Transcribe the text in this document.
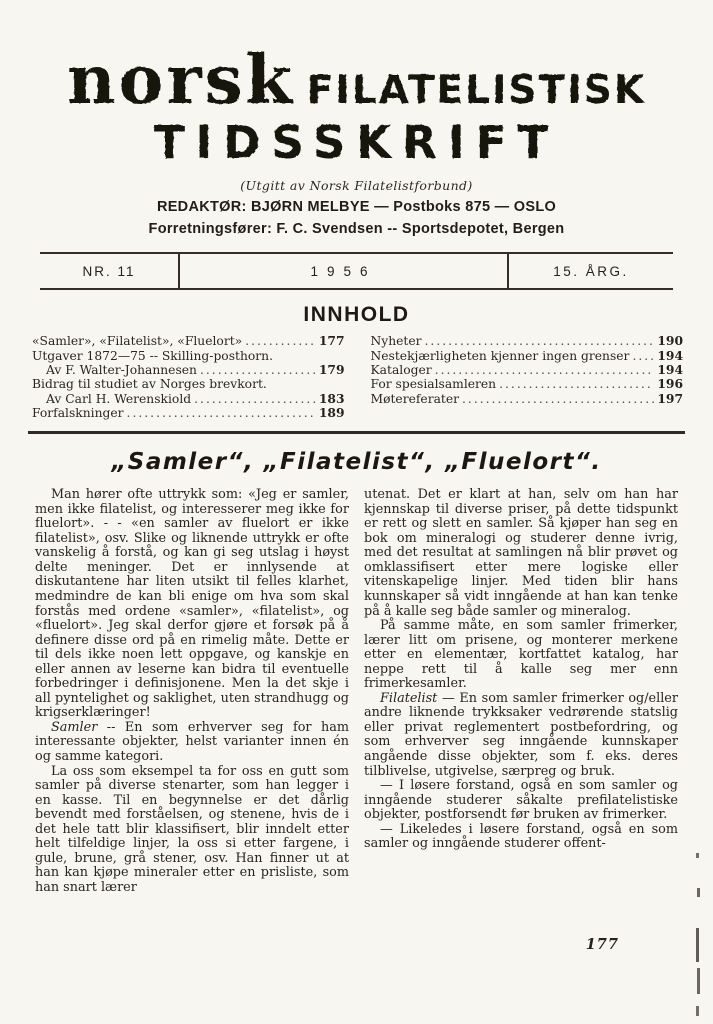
norsk FILATELISTISK
TIDSSKRIFT
(Utgitt av Norsk Filatelistforbund)
REDAKTØR: BJØRN MELBYE — Postboks 875 — OSLO
Forretningsfører: F. C. Svendsen -- Sportsdepotet, Bergen
NR. 11	1956	15. ÅRG.
INNHOLD
«Samler», «Filatelist», «Fluelort» .....	177
Utgaver 1872—75 -- Skilling-posthorn.
Av F. Walter-Johannesen .....	179
Bidrag til studiet av Norges brevkort.
Av Carl H. Werenskiold .....	183
Forfalskninger .....	189
Nyheter .....	190
Nestekjærligheten kjenner ingen grenser ..... 194
Kataloger .....	194
For spesialsamleren .....	196
Møtereferater .....	197
„Samler“, „Filatelist“, „Fluelort“.

Man hører ofte uttrykk som: «Jeg er samler, men ikke filatelist, og interesserer meg ikke for fluelort». - - «en samler av fluelort er ikke filatelist», osv. Slike og liknende uttrykk er ofte vanskelig å forstå, og kan gi seg utslag i høyst delte meninger. Det er innlysende at diskutantene har liten utsikt til felles klarhet, medmindre de kan bli enige om hva som skal forstås med ordene «samler», «filatelist», og «fluelort». Jeg skal derfor gjøre et forsøk på å definere disse ord på en rimelig måte. Dette er til dels ikke noen lett oppgave, og kanskje en eller annen av leserne kan bidra til eventuelle forbedringer i definisjonene. Men la det skje i all pyntelighet og saklighet, uten strandhugg og krigserklæringer!

Samler -- En som erhverver seg for ham interessante objekter, helst varianter innen én og samme kategori.

La oss som eksempel ta for oss en gutt som samler på diverse stenarter, som han legger i en kasse. Til en begynnelse er det dårlig bevendt med forståelsen, og stenene, hvis de i det hele tatt blir klassifisert, blir inndelt etter helt tilfeldige linjer, la oss si etter fargene, i gule, brune, grå stener, osv. Han finner ut at han kan kjøpe mineraler etter en prisliste, som han snart lærer

utenat. Det er klart at han, selv om han har kjennskap til diverse priser, på dette tidspunkt er rett og slett en samler. Så kjøper han seg en bok om mineralogi og studerer denne ivrig, med det resultat at samlingen nå blir prøvet og omklassifisert etter mere logiske eller vitenskapelige linjer. Med tiden blir hans kunnskaper så vidt inngående at han kan tenke på å kalle seg både samler og mineralog.

På samme måte, en som samler frimerker, lærer litt om prisene, og monterer merkene etter en elementær, kortfattet katalog, har neppe rett til å kalle seg mer enn frimerkesamler.

Filatelist — En som samler frimerker og/eller andre liknende trykksaker vedrørende statslig eller privat reglementert postbefordring, og som erhverver seg inngående kunnskaper angående disse objekter, som f. eks. deres tilblivelse, utgivelse, særpreg og bruk.

— I løsere forstand, også en som samler og inngående studerer såkalte prefilatelistiske objekter, postforsendt før bruken av frimerker.

— Likeledes i løsere forstand, også en som samler og inngående studerer offent-

177
